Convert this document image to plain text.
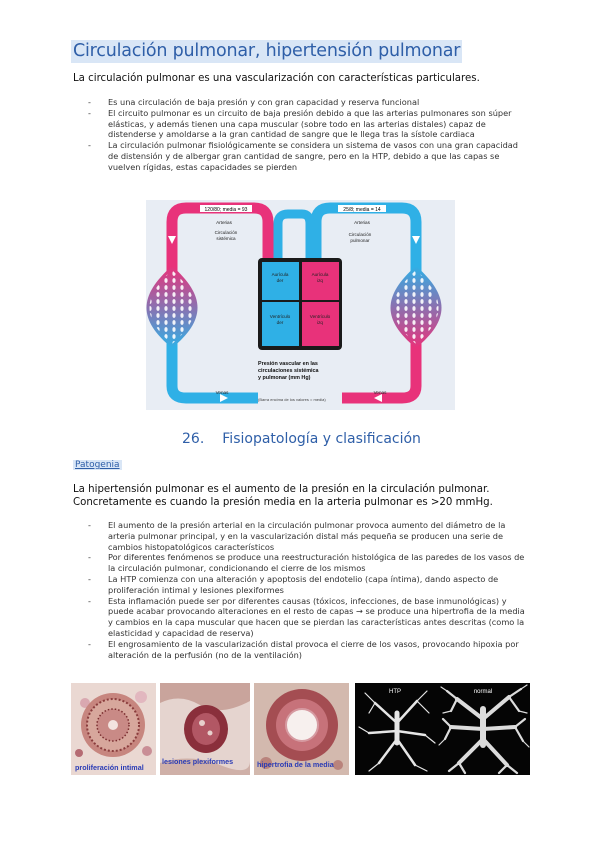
Circulación pulmonar, hipertensión pulmonar

La circulación pulmonar es una vascularización con características particulares.

- Es una circulación de baja presión y con gran capacidad y reserva funcional
- El circuito pulmonar es un circuito de baja presión debido a que las arterias pulmonares son súper elásticas, y además tienen una capa muscular (sobre todo en las arterias distales) capaz de distenderse y amoldarse a la gran cantidad de sangre que le llega tras la sístole cardiaca
- La circulación pulmonar fisiológicamente se considera un sistema de vasos con una gran capacidad de distensión y de albergar gran cantidad de sangre, pero en la HTP, debido a que las capas se vuelven rígidas, estas capacidades se pierden
120/80; media = 93	25/8; media = 14
Arterias	Arterias
Circulación
sistémica
Circulación
pulmonar
Aurícula
der
Aurícula
izq
Ventrículo
der
Ventrículo
izq
Venas	Venas
Presión vascular en las
circulaciones sistémica
y pulmonar (mm Hg)
(Barra encima de los valores = media)
26. Fisiopatología y clasificación

Patogenia

La hipertensión pulmonar es el aumento de la presión en la circulación pulmonar. Concretamente es cuando la presión media en la arteria pulmonar es >20 mmHg.

- El aumento de la presión arterial en la circulación pulmonar provoca aumento del diámetro de la arteria pulmonar principal, y en la vascularización distal más pequeña se producen una serie de cambios histopatológicos característicos
- Por diferentes fenómenos se produce una reestructuración histológica de las paredes de los vasos de la circulación pulmonar, condicionando el cierre de los mismos
- La HTP comienza con una alteración y apoptosis del endotelio (capa íntima), dando aspecto de proliferación intimal y lesiones plexiformes
- Esta inflamación puede ser por diferentes causas (tóxicos, infecciones, de base inmunológicas) y puede acabar provocando alteraciones en el resto de capas → se produce una hipertrofia de la media y cambios en la capa muscular que hacen que se pierdan las características antes descritas (como la elasticidad y capacidad de reserva)
- El engrosamiento de la vascularización distal provoca el cierre de los vasos, provocando hipoxia por alteración de la perfusión (no de la ventilación)
HTP	normal
proliferación intimal
lesiones plexiformes	hipertrofia de la media
